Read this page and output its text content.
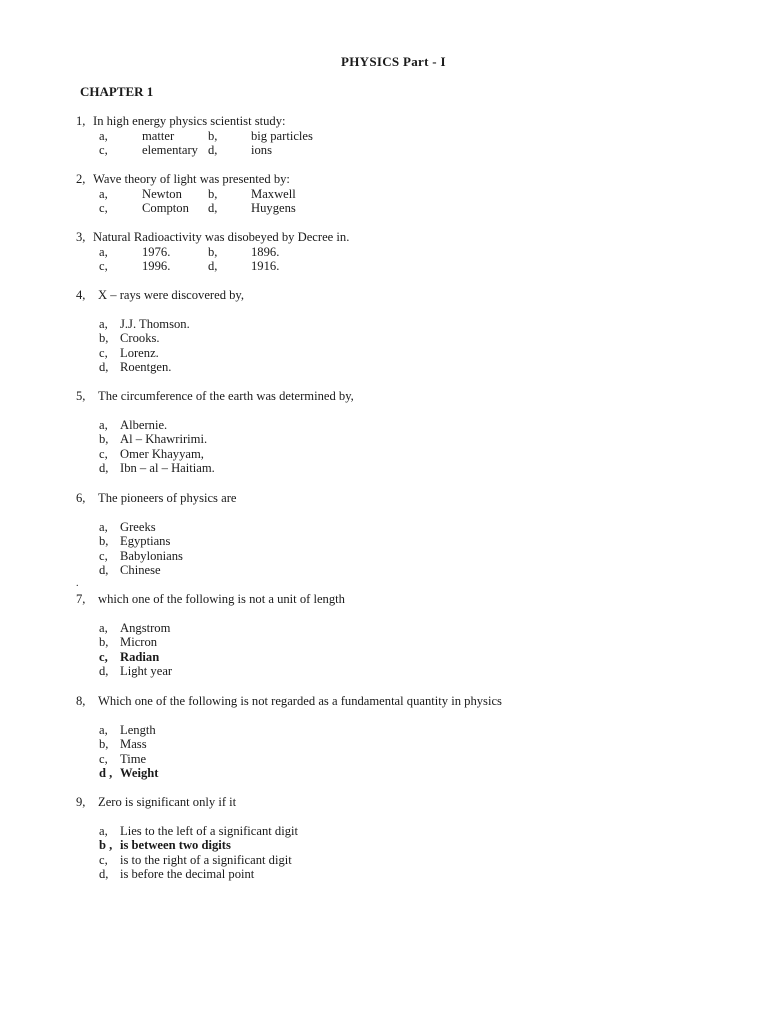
PHYSICS Part - I
CHAPTER 1
1, In high energy physics scientist study:
a,	matter	b,	big particles
c,	elementary d,	ions
2, Wave theory of light was presented by:
a,	Newton b,	Maxwell
c,	Compton d,	Huygens
3, Natural Radioactivity was disobeyed by Decree in.
a,	1976.	b,	1896.
c,	1996.	d,	1916.
4, X – rays were discovered by,
a, J.J. Thomson.
b, Crooks.
c, Lorenz.
d, Roentgen.
5, The circumference of the earth was determined by,
a, Albernie.
b, Al – Khawririmi.
c, Omer Khayyam,
d, Ibn – al – Haitiam.
6, The pioneers of physics are
a, Greeks
b, Egyptians
c, Babylonians
d, Chinese
.
7, which one of the following is not a unit of length
a, Angstrom
b, Micron
c, Radian
d, Light year
8, Which one of the following is not regarded as a fundamental quantity in physics
a, Length
b, Mass
c, Time
d , Weight
9, Zero is significant only if it
a, Lies to the left of a significant digit
b , is between two digits
c, is to the right of a significant digit
d, is before the decimal point
